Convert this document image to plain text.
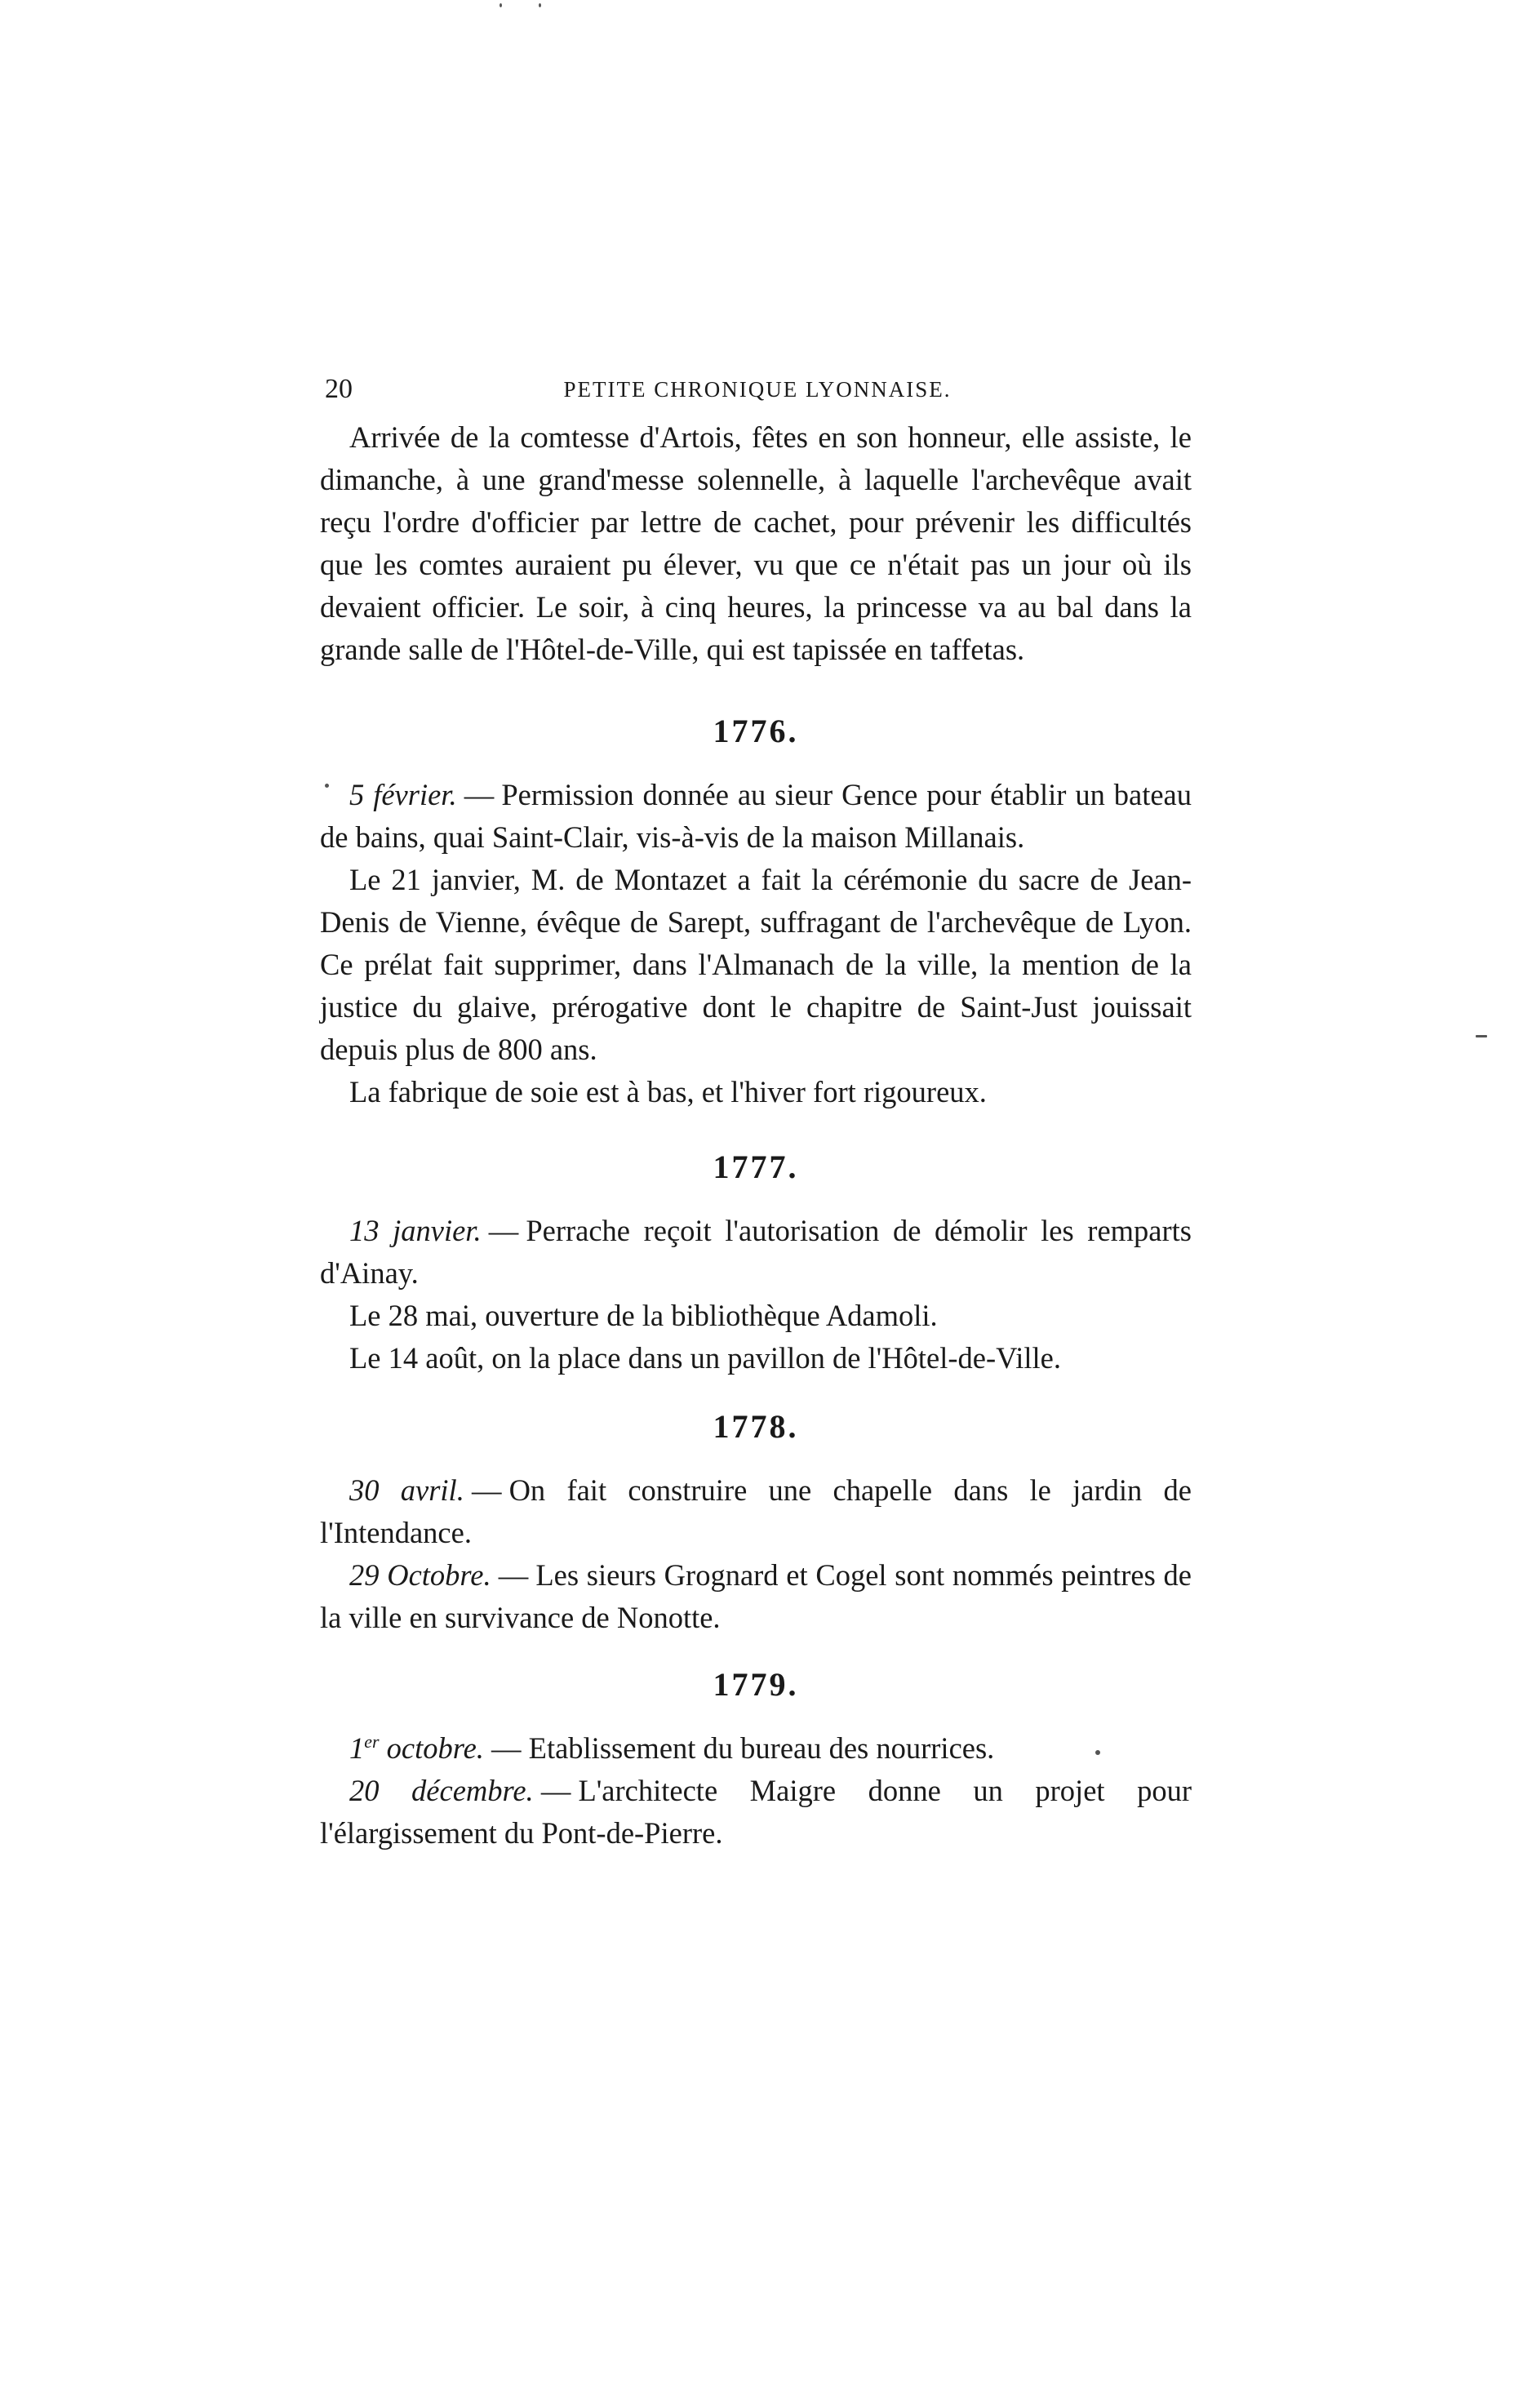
20	PETITE CHRONIQUE LYONNAISE.

Arrivée de la comtesse d'Artois, fêtes en son honneur, elle assiste, le dimanche, à une grand'messe solennelle, à laquelle l'archevêque avait reçu l'ordre d'officier par lettre de cachet, pour prévenir les difficultés que les comtes auraient pu élever, vu que ce n'était pas un jour où ils devaient officier. Le soir, à cinq heures, la princesse va au bal dans la grande salle de l'Hôtel-de-Ville, qui est tapissée en taffetas.

1776.

5 février. — Permission donnée au sieur Gence pour établir un bateau de bains, quai Saint-Clair, vis-à-vis de la maison Millanais.

Le 21 janvier, M. de Montazet a fait la cérémonie du sacre de Jean-Denis de Vienne, évêque de Sarept, suffragant de l'archevêque de Lyon. Ce prélat fait supprimer, dans l'Almanach de la ville, la mention de la justice du glaive, prérogative dont le chapitre de Saint-Just jouissait depuis plus de 800 ans.

La fabrique de soie est à bas, et l'hiver fort rigoureux.

1777.

13 janvier. — Perrache reçoit l'autorisation de démolir les remparts d'Ainay.

Le 28 mai, ouverture de la bibliothèque Adamoli.

Le 14 août, on la place dans un pavillon de l'Hôtel-de-Ville.

1778.

30 avril. — On fait construire une chapelle dans le jardin de l'Intendance.

29 Octobre. — Les sieurs Grognard et Cogel sont nommés peintres de la ville en survivance de Nonotte.

1779.

1er octobre. — Etablissement du bureau des nourrices.

20 décembre. — L'architecte Maigre donne un projet pour l'élargissement du Pont-de-Pierre.
